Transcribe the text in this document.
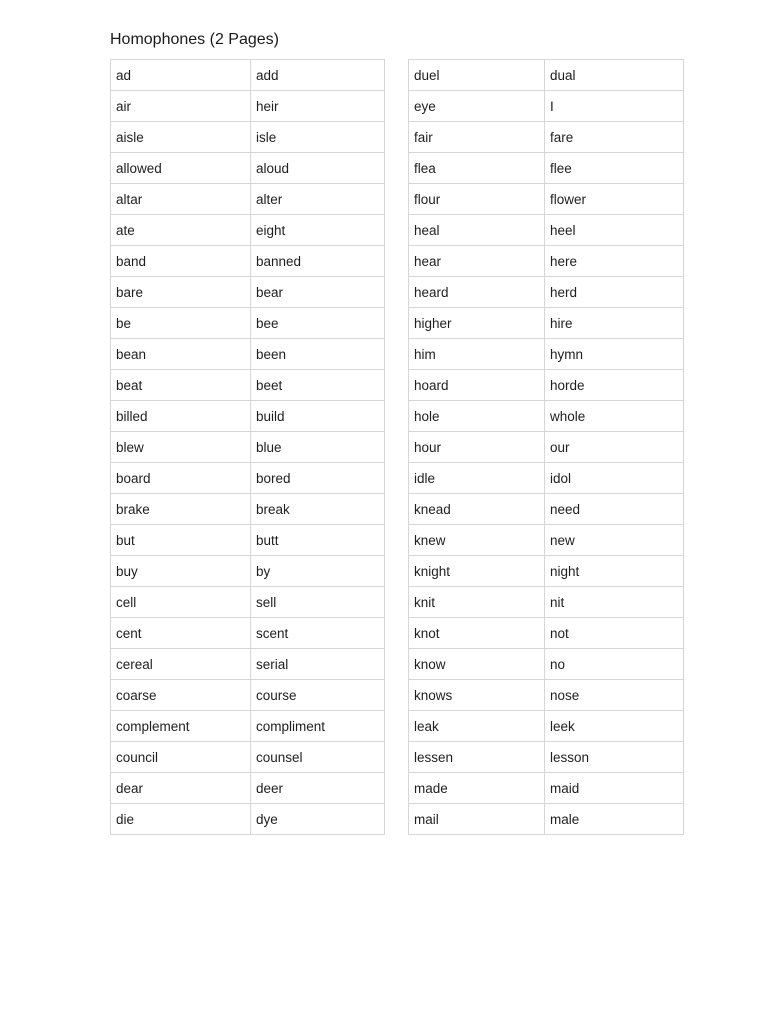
Homophones (2 Pages)
ad	add
air	heir
aisle	isle
allowed	aloud
altar	alter
ate	eight
band	banned
bare	bear
be	bee
bean	been
beat	beet
billed	build
blew	blue
board	bored
brake	break
but	butt
buy	by
cell	sell
cent	scent
cereal	serial
coarse	course
complement	compliment
council	counsel
dear	deer
die	dye
duel	dual
eye	I
fair	fare
flea	flee
flour	flower
heal	heel
hear	here
heard	herd
higher	hire
him	hymn
hoard	horde
hole	whole
hour	our
idle	idol
knead	need
knew	new
knight	night
knit	nit
knot	not
know	no
knows	nose
leak	leek
lessen	lesson
made	maid
mail	male
